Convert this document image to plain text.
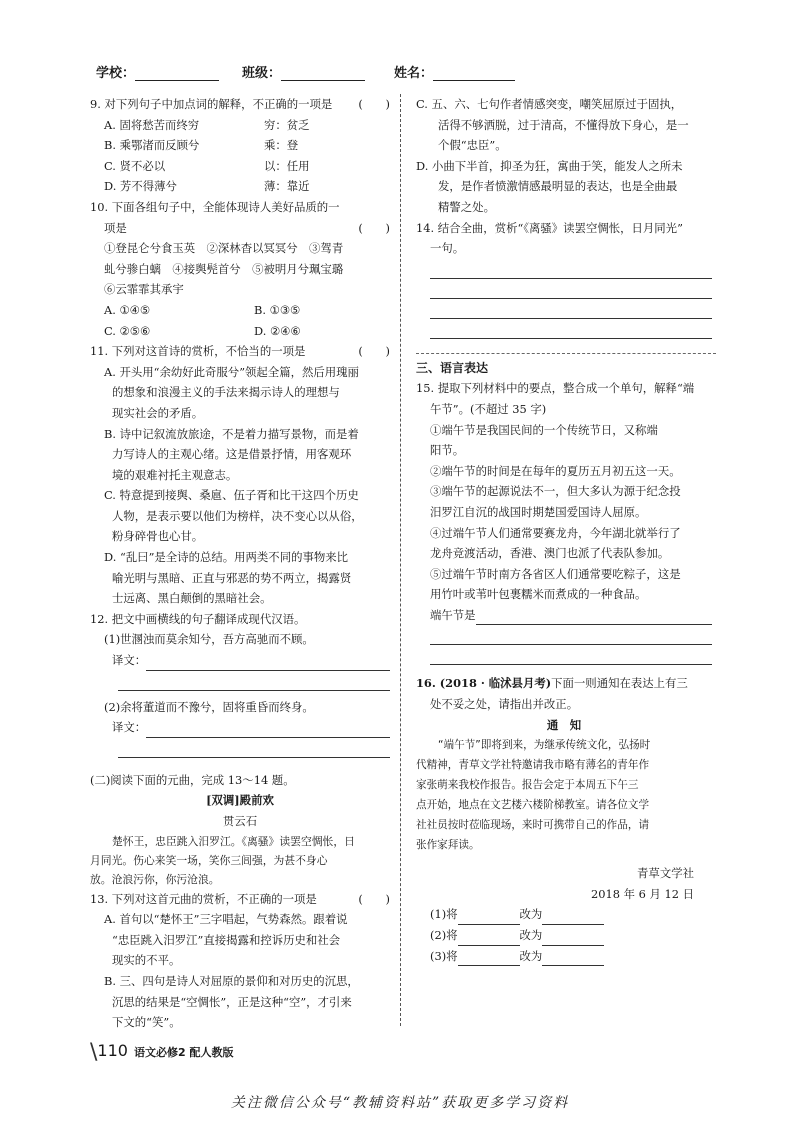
学校：	班级：	姓名：
9. 对下列句子中加点词的解释，不正确的一项是 (　　)
A. 固将愁苦而终穷	穷：贫乏
B. 乘鄂渚而反顾兮	乘：登
C. 贤不必以	以：任用
D. 芳不得薄兮	薄：靠近
10. 下面各组句子中，全能体现诗人美好品质的一
项是	(　　)
①登昆仑兮食玉英　②深林杳以冥冥兮　③驾青
虬兮骖白螭　④接舆髡首兮　⑤被明月兮珮宝璐
⑥云霏霏其承宇
A. ①④⑤	B. ①③⑤
C. ②⑤⑥	D. ②④⑥
11. 下列对这首诗的赏析，不恰当的一项是	(　　)
A. 开头用“余幼好此奇服兮”领起全篇，然后用瑰丽
的想象和浪漫主义的手法来揭示诗人的理想与
现实社会的矛盾。
B. 诗中记叙流放旅途，不是着力描写景物，而是着
力写诗人的主观心绪。这是借景抒情，用客观环
境的艰难衬托主观意志。
C. 特意提到接舆、桑扈、伍子胥和比干这四个历史
人物，是表示要以他们为榜样，决不变心以从俗，
粉身碎骨也心甘。
D. “乱曰”是全诗的总结。用两类不同的事物来比
喻光明与黑暗、正直与邪恶的势不两立，揭露贤
士远离、黑白颠倒的黑暗社会。
12. 把文中画横线的句子翻译成现代汉语。
(1)世溷浊而莫余知兮，吾方高驰而不顾。
译文：
(2)余将董道而不豫兮，固将重昏而终身。
译文：
(二)阅读下面的元曲，完成 13～14 题。
[双调]殿前欢
贯云石
楚怀王，忠臣跳入汨罗江。《离骚》读罢空惆怅，日
月同光。伤心来笑一场，笑你三闾强，为甚不身心
放。沧浪污你，你污沧浪。
13. 下列对这首元曲的赏析，不正确的一项是	(　　)
A. 首句以“楚怀王”三字唱起，气势森然。跟着说
“忠臣跳入汨罗江”直接揭露和控诉历史和社会
现实的不平。
B. 三、四句是诗人对屈原的景仰和对历史的沉思，
沉思的结果是“空惆怅”，正是这种“空”，才引来
下文的“笑”。
C. 五、六、七句作者情感突变，嘲笑屈原过于固执，
活得不够洒脱，过于清高，不懂得放下身心，是一
个假“忠臣”。
D. 小曲下半首，抑圣为狂，寓曲于笑，能发人之所未
发，是作者愤激情感最明显的表达，也是全曲最
精警之处。
14. 结合全曲，赏析“《离骚》读罢空惆怅，日月同光”
一句。
三、语言表达
15. 提取下列材料中的要点，整合成一个单句，解释“端
午节”。(不超过 35 字)
①端午节是我国民间的一个传统节日，又称端
阳节。
②端午节的时间是在每年的夏历五月初五这一天。
③端午节的起源说法不一，但大多认为源于纪念投
汨罗江自沉的战国时期楚国爱国诗人屈原。
④过端午节人们通常要赛龙舟，今年湖北就举行了
龙舟竞渡活动，香港、澳门也派了代表队参加。
⑤过端午节时南方各省区人们通常要吃粽子，这是
用竹叶或苇叶包裹糯米而煮成的一种食品。
端午节是
16. (2018 · 临沭县月考)下面一则通知在表达上有三
处不妥之处，请指出并改正。
通　知
“端午节”即将到来，为继承传统文化，弘扬时
代精神，青草文学社特邀请我市略有薄名的青年作
家张萌来我校作报告。报告会定于本周五下午三
点开始，地点在文艺楼六楼阶梯教室。请各位文学
社社员按时莅临现场，来时可携带自己的作品，请
张作家拜读。
青草文学社
2018 年 6 月 12 日
(1)将	改为
(2)将	改为
(3)将	改为
\110 语文必修2 配人教版
关注微信公众号“教辅资料站”获取更多学习资料
